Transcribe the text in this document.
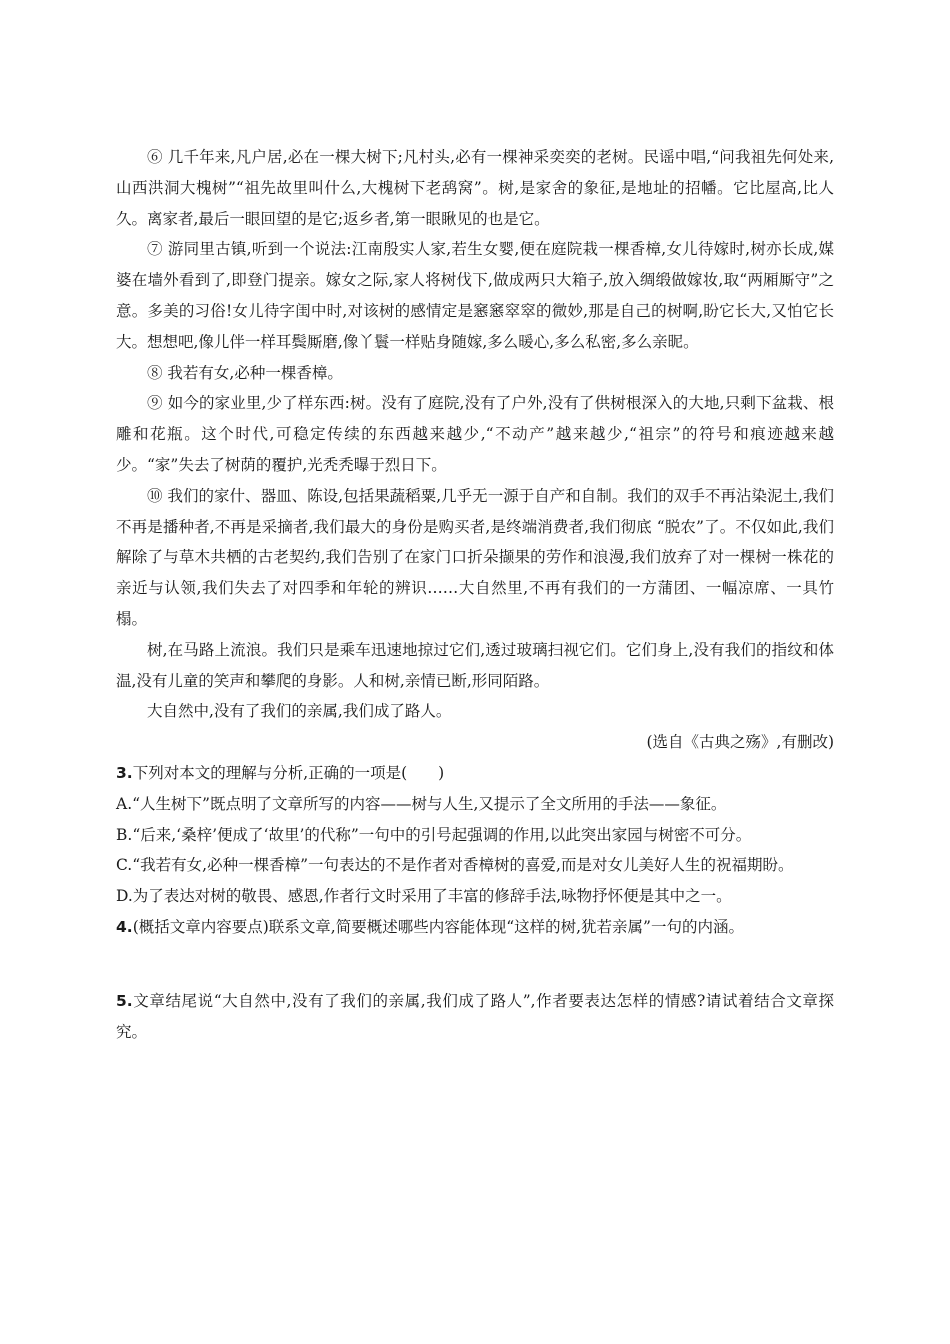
⑥ 几千年来,凡户居,必在一棵大树下;凡村头,必有一棵神采奕奕的老树。民谣中唱,“问我祖先何处来,山西洪洞大槐树”“祖先故里叫什么,大槐树下老鸹窝”。树,是家舍的象征,是地址的招幡。它比屋高,比人久。离家者,最后一眼回望的是它;返乡者,第一眼瞅见的也是它。

⑦ 游同里古镇,听到一个说法:江南殷实人家,若生女婴,便在庭院栽一棵香樟,女儿待嫁时,树亦长成,媒婆在墙外看到了,即登门提亲。嫁女之际,家人将树伐下,做成两只大箱子,放入绸缎做嫁妆,取“两厢厮守”之意。多美的习俗!女儿待字闺中时,对该树的感情定是窸窸窣窣的微妙,那是自己的树啊,盼它长大,又怕它长大。想想吧,像儿伴一样耳鬓厮磨,像丫鬟一样贴身随嫁,多么暖心,多么私密,多么亲昵。

⑧ 我若有女,必种一棵香樟。

⑨ 如今的家业里,少了样东西:树。没有了庭院,没有了户外,没有了供树根深入的大地,只剩下盆栽、根雕和花瓶。这个时代,可稳定传续的东西越来越少,“不动产”越来越少,“祖宗”的符号和痕迹越来越少。“家”失去了树荫的覆护,光秃秃曝于烈日下。

⑩ 我们的家什、器皿、陈设,包括果蔬稻粟,几乎无一源于自产和自制。我们的双手不再沾染泥土,我们不再是播种者,不再是采摘者,我们最大的身份是购买者,是终端消费者,我们彻底 “脱农”了。不仅如此,我们解除了与草木共栖的古老契约,我们告别了在家门口折朵撷果的劳作和浪漫,我们放弃了对一棵树一株花的亲近与认领,我们失去了对四季和年轮的辨识……大自然里,不再有我们的一方蒲团、一幅凉席、一具竹榻。

树,在马路上流浪。我们只是乘车迅速地掠过它们,透过玻璃扫视它们。它们身上,没有我们的指纹和体温,没有儿童的笑声和攀爬的身影。人和树,亲情已断,形同陌路。

大自然中,没有了我们的亲属,我们成了路人。

(选自《古典之殇》,有删改)

3.下列对本文的理解与分析,正确的一项是(　　)

A.“人生树下”既点明了文章所写的内容——树与人生,又提示了全文所用的手法——象征。

B.“后来,‘桑梓’便成了‘故里’的代称”一句中的引号起强调的作用,以此突出家园与树密不可分。

C.“我若有女,必种一棵香樟”一句表达的不是作者对香樟树的喜爱,而是对女儿美好人生的祝福期盼。

D.为了表达对树的敬畏、感恩,作者行文时采用了丰富的修辞手法,咏物抒怀便是其中之一。

4.(概括文章内容要点)联系文章,简要概述哪些内容能体现“这样的树,犹若亲属”一句的内涵。

5.文章结尾说“大自然中,没有了我们的亲属,我们成了路人”,作者要表达怎样的情感?请试着结合文章探究。
